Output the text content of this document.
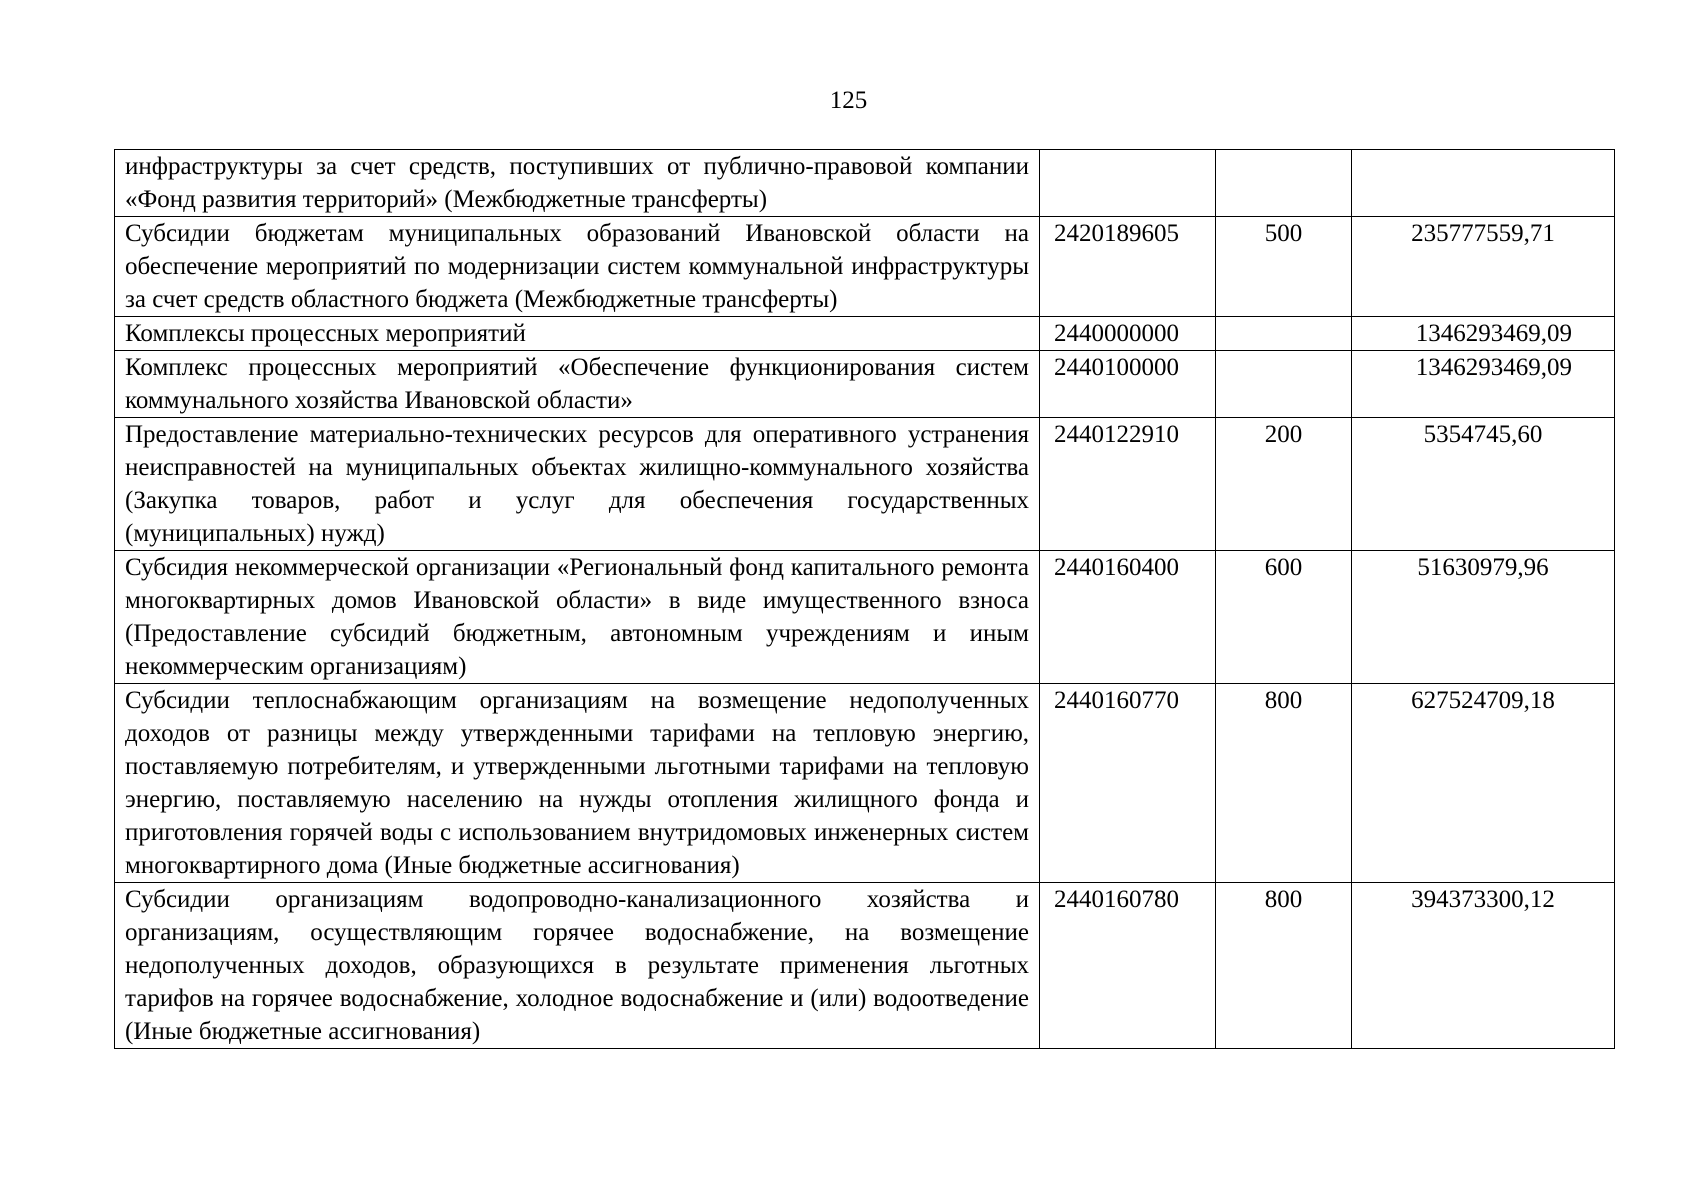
125
инфраструктуры за счет средств, поступивших от публично-правовой компании «Фонд развития территорий» (Межбюджетные трансферты)			
Субсидии бюджетам муниципальных образований Ивановской области на обеспечение мероприятий по модернизации систем коммунальной инфраструктуры за счет средств областного бюджета (Межбюджетные трансферты)	2420189605	500	235777559,71
Комплексы процессных мероприятий	2440000000		1346293469,09
Комплекс процессных мероприятий «Обеспечение функционирования систем коммунального хозяйства Ивановской области»	2440100000		1346293469,09
Предоставление материально-технических ресурсов для оперативного устранения неисправностей на муниципальных объектах жилищно-коммунального хозяйства (Закупка товаров, работ и услуг для обеспечения государственных (муниципальных) нужд)	2440122910	200	5354745,60
Субсидия некоммерческой организации «Региональный фонд капитального ремонта многоквартирных домов Ивановской области» в виде имущественного взноса (Предоставление субсидий бюджетным, автономным учреждениям и иным некоммерческим организациям)	2440160400	600	51630979,96
Субсидии теплоснабжающим организациям на возмещение недополученных доходов от разницы между утвержденными тарифами на тепловую энергию, поставляемую потребителям, и утвержденными льготными тарифами на тепловую энергию, поставляемую населению на нужды отопления жилищного фонда и приготовления горячей воды с использованием внутридомовых инженерных систем многоквартирного дома (Иные бюджетные ассигнования)	2440160770	800	627524709,18
Субсидии организациям водопроводно-канализационного хозяйства и организациям, осуществляющим горячее водоснабжение, на возмещение недополученных доходов, образующихся в результате применения льготных тарифов на горячее водоснабжение, холодное водоснабжение и (или) водоотведение (Иные бюджетные ассигнования)	2440160780	800	394373300,12
